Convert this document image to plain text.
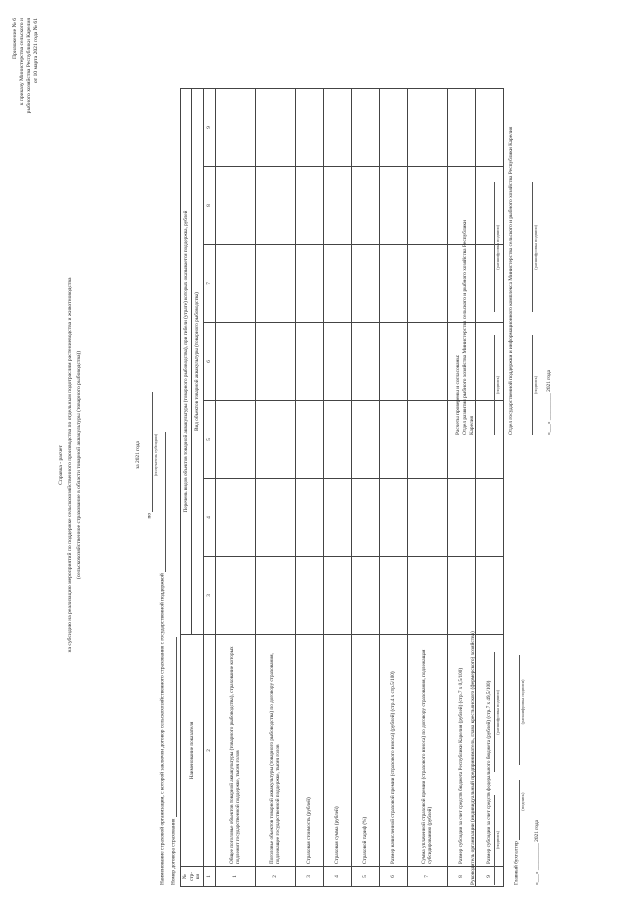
Приложение № 6 к приказу Министерства сельского и рыбного хозяйства Республики Карелия от 10 марта 2021 года № 61
Справка - расчет на субсидию на реализацию мероприятий по поддержке сельскохозяйственного производства по отдельным подотраслям растениеводства и животноводства (сельскохозяйственное страхование в области товарной аквакультуры (товарного рыбоводства))	за 2021 года
по
(получатель субсидии)
Наименование страховой организации, с которой заключен договор сельскохозяйственного страхования с государственной поддержкой Номер договора страхования № стр- ки	Наименование показателя	Перечень видов объектов товарной аквакультуры (товарного рыбоводства), при гибели (утрате) которых оказывается поддержка, рублей						
		Вид объектов товарной аквакультуры (товарного рыбоводства)						
1	2	3	4	5	6	7	8	9
1	Общее поголовье объектов товарной аквакультуры (товарного рыбоводства), страхование которых подлежит государственной поддержке, тысяч голов							
2	Поголовье объектов товарной аквакультуры (товарного рыбоводства) по договору страхования, подлежащее государственной поддержке, тысяч голов							
3	Страховая стоимость (рублей)							
4	Страховая сумма (рублей)							
5	Страховой тариф (%)							
6	Размер начисленной страховой премии (страхового взноса) (рублей) (стр.4 х стр.5/100)							
7	Сумма уплаченной страховой премии (страхового взноса) по договору страхования, подлежащая субсидированию (рублей)							
8	Размер субсидии за счет средств бюджета Республики Карелия (рублей) (стр.7 х 0,5/100)							
9	Размер субсидии за счет средств федерального бюджета (рублей) (стр.7 х 49,5/100)							
Руководитель организации (индивидуальный предприниматель, глава крестьянского (фермерского) хозяйства)
	(подпись)  (расшифровка подписи)
Главный бухгалтер
(подпись)  (расшифровка подписи)
«___» __________ 2021 года
Расчеты проверены и согласованы: Отдел развития рыбного хозяйства Министерства сельского и рыбного хозяйства Республики Карелия

(подпись)  (расшифровка подписи)	Отдел государственной поддержки и информационного комплекса Министерства сельского и рыбного хозяйства Республики Карелия
	(подпись)  (расшифровка подписи)
«___» __________ 2021 года
